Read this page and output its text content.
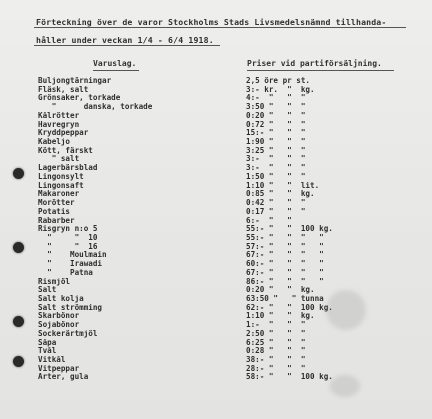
Förteckning över de varor Stockholms Stads Livsmedelsnämnd tillhanda-
håller under veckan 1/4 - 6/4 1918.
Varuslag.	Priser vid partiförsäljning.
Buljongtärningar
Fläsk, salt
Grönsaker, torkade
"      danska, torkade
Kålrötter
Havregryn
Kryddpeppar
Kabeljo
Kött, färskt
" salt
Lagerbärsblad
Lingonsylt
Lingonsaft
Makaroner
Morötter
Potatis
Rabarber
Risgryn n:o 5
"     "  10
"     "  16
"    Moulmain
"    Irawadi
"    Patna
Rismjöl
Salt
Salt kolja
Salt strömming
Skarbönor
Sojabönor
Sockerärtmjöl
Såpa
Tvål
Vitkål
Vitpeppar
Ärter, gula
2,5 öre pr st.
3:- kr.  "  kg.
4:-  "   "  "
3:50 "   "  "
0:20 "   "  "
0:72 "   "  "
15:- "   "  "
1:90 "   "  "
3:25 "   "  "
3:-  "   "  "
3:-  "   "  "
1:50 "   "  "
1:10 "   "  lit.
0:85 "   "  kg.
0:42 "   "  "
0:17 "   "  "
6:-  "   "
55:- "   "  100 kg.
55:- "   "  "   "
57:- "   "  "   "
67:- "   "  "   "
60:- "   "  "   "
67:- "   "  "   "
86:- "   "  "   "
0:20 "   "  kg.
63:50 "   " tunna
62:- "   "  100 kg.
1:10 "   "  kg.
1:-  "   "  "
2:50 "   "  "
6:25 "   "  "
0:28 "   "  "
38:- "   "  "
28:- "   "  "
58:- "   "  100 kg.
